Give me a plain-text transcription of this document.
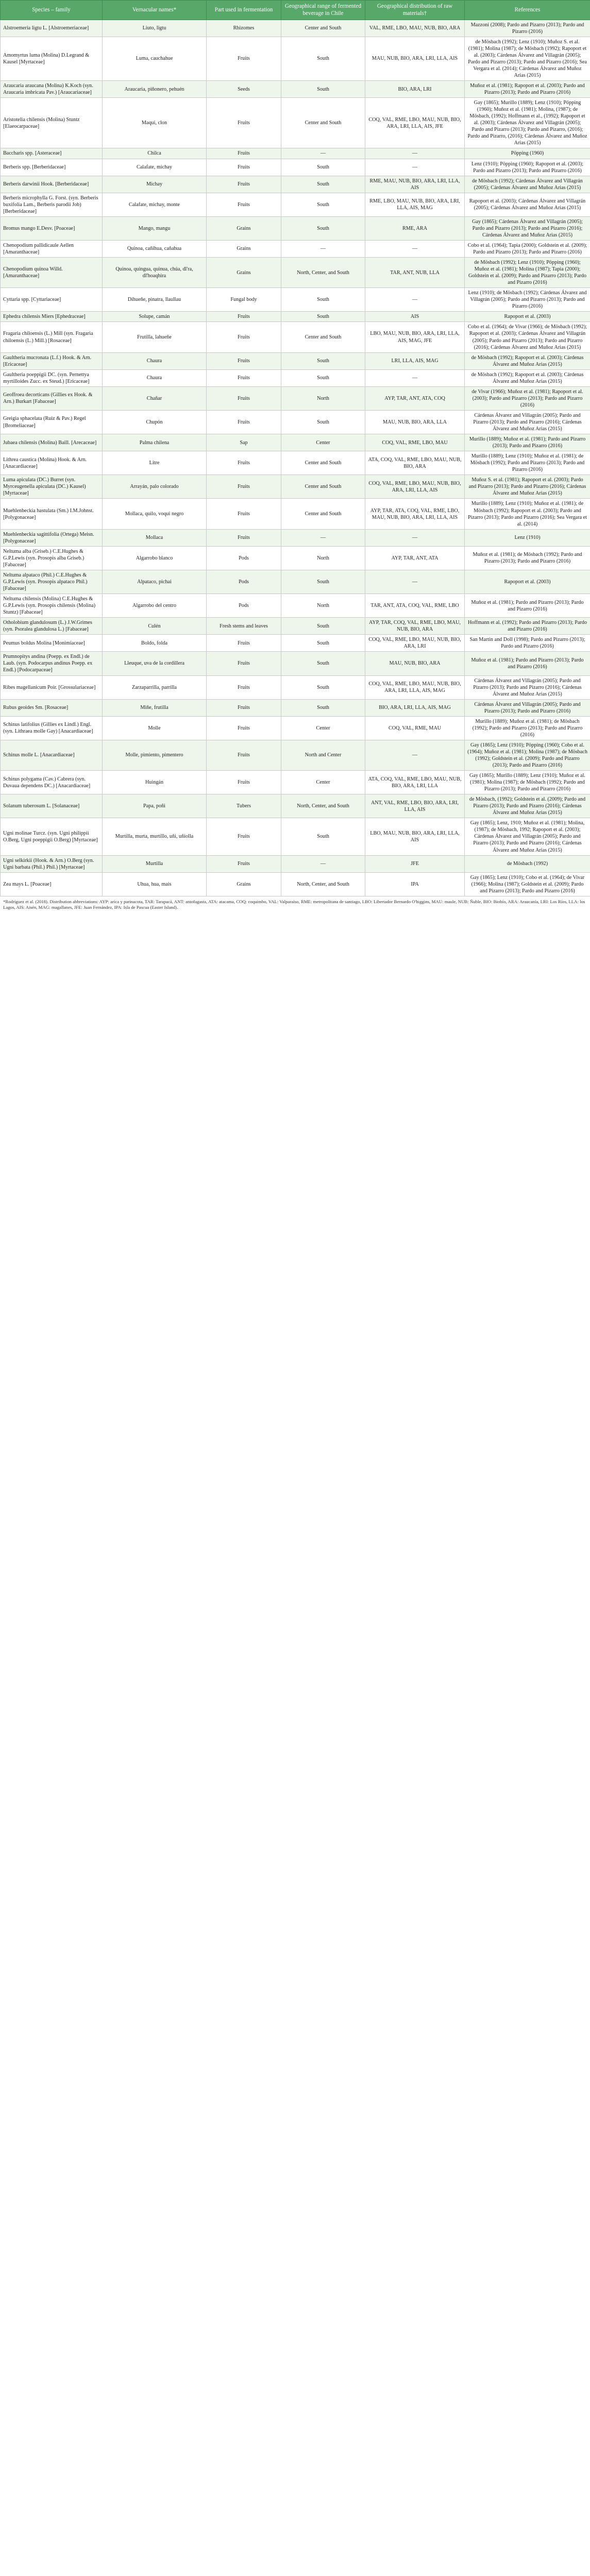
Species – family	Vernacular names*	Part used in fermentation	Geographical range of fermented beverage in Chile	Geographical distribution of raw materials†	References
Alstroemeria ligtu L. [Alstroemeriaceae]	Liuto, ligtu	Rhizomes	Center and South	VAL, RME, LBO, MAU, NUB, BIO, ARA	Mazzoni (2008); Pardo and Pizarro (2013); Pardo and Pizarro (2016)
Amomyrtus luma (Molina) D.Legrand & Kausel [Myrtaceae]	Luma, cauchahue	Fruits	South	MAU, NUB, BIO, ARA, LRI, LLA, AIS	de Mösbach (1992); Lenz (1910); Muñoz S. et al. (1981); Molina (1987); de Mösbach (1992); Rapoport et al. (2003); Cárdenas Álvarez and Villagrán (2005); Pardo and Pizarro (2013); Pardo and Pizarro (2016); Sea Vergara et al. (2014); Cárdenas Álvarez and Muñoz Arias (2015)
Araucaria araucana (Molina) K.Koch (syn. Araucaria imbricata Pav.) [Araucariaceae]	Araucaria, piñonero, pehuén	Seeds	South	BIO, ARA, LRI	Muñoz et al. (1981); Rapoport et al. (2003); Pardo and Pizarro (2013); Pardo and Pizarro (2016)
Aristotelia chilensis (Molina) Stuntz [Elaeocarpaceae]	Maqui, clon	Fruits	Center and South	COQ, VAL, RME, LBO, MAU, NUB, BIO, ARA, LRI, LLA, AIS, JFE	Gay (1865); Murillo (1889); Lenz (1910); Pöpping (1960); Muñoz et al. (1981); Molina, (1987); de Mösbach, (1992); Hoffmann et al., (1992); Rapoport et al. (2003); Cárdenas Álvarez and Villagrán (2005); Pardo and Pizarro (2013); Pardo and Pizarro, (2016); Pardo and Pizarro, (2016); Cárdenas Álvarez and Muñoz Arias (2015)
Baccharis spp. [Asteraceae]	Chilca	Fruits	—	—	Pöpping (1960)
Berberis spp. [Berberidaceae]	Calafate, michay	Fruits	South	—	Lenz (1910); Pöpping (1960); Rapoport et al. (2003); Pardo and Pizarro (2013); Pardo and Pizarro (2016)
Berberis darwinii Hook. [Berberidaceae]	Michay	Fruits	South	RME, MAU, NUB, BIO, ARA, LRI, LLA, AIS	de Mösbach (1992); Cárdenas Álvarez and Villagrán (2005); Cárdenas Álvarez and Muñoz Arias (2015)
Berberis microphylla G. Forst. (syn. Berberis buxifolia Lam., Berberis parodii Job) [Berberidaceae]	Calafate, michay, monte	Fruits	South	RME, LBO, MAU, NUB, BIO, ARA, LRI, LLA, AIS, MAG	Rapoport et al. (2003); Cárdenas Álvarez and Villagrán (2005); Cárdenas Álvarez and Muñoz Arias (2015)
Bromus mango E.Desv. [Poaceae]	Mango, mangu	Grains	South	RME, ARA	Gay (1865); Cárdenas Álvarez and Villagrán (2005); Pardo and Pizarro (2013); Pardo and Pizarro (2016); Cárdenas Álvarez and Muñoz Arias (2015)
Chenopodium pallidicaule Aellen [Amaranthaceae]	Quinoa, cañihua, cañahua	Grains	—	—	Cobo et al. (1964); Tapia (2000); Goldstein et al. (2009); Pardo and Pizarro (2013); Pardo and Pizarro (2016)
Chenopodium quinoa Willd. [Amaranthaceae]	Quinoa, quingua, quinua, chúa, dl'ra, dl'hoaqhira	Grains	North, Center, and South	TAR, ANT, NUB, LLA	de Mösbach (1992); Lenz (1910); Pöpping (1960); Muñoz et al. (1981); Molina (1987); Tapia (2000); Goldstein et al. (2009); Pardo and Pizarro (2013); Pardo and Pizarro (2016)
Cyttaria spp. [Cyttariaceae]	Dihueñe, pinatra, llaullau	Fungal body	South	—	Lenz (1910); de Mösbach (1992); Cárdenas Álvarez and Villagrán (2005); Pardo and Pizarro (2013); Pardo and Pizarro (2016)
Ephedra chilensis Miers [Ephedraceae]	Solupe, camán	Fruits	South	AIS	Rapoport et al. (2003)
Fragaria chiloensis (L.) Mill (syn. Fragaria chiloensis (L.) Mill.) [Rosaceae]	Frutilla, lahueñe	Fruits	Center and South	LBO, MAU, NUB, BIO, ARA, LRI, LLA, AIS, MAG, JFE	Cobo et al. (1964); de Vivar (1966); de Mösbach (1992); Rapoport et al. (2003); Cárdenas Álvarez and Villagrán (2005); Pardo and Pizarro (2013); Pardo and Pizarro (2016); Cárdenas Álvarez and Muñoz Arias (2015)
Gaultheria mucronata (L.f.) Hook. & Arn. [Ericaceae]	Chaura	Fruits	South	LRI, LLA, AIS, MAG	de Mösbach (1992); Rapoport et al. (2003); Cárdenas Álvarez and Muñoz Arias (2015)
Gaultheria poeppigii DC. (syn. Pernettya myrtilloides Zucc. ex Steud.) [Ericaceae]	Chaura	Fruits	South	—	de Mösbach (1992); Rapoport et al. (2003); Cárdenas Álvarez and Muñoz Arias (2015)
Geoffroea decorticans (Gillies ex Hook. & Arn.) Burkart [Fabaceae]	Chañar	Fruits	North	AYP, TAR, ANT, ATA, COQ	de Vivar (1966); Muñoz et al. (1981); Rapoport et al. (2003); Pardo and Pizarro (2013); Pardo and Pizarro (2016)
Greigia sphacelata (Ruiz & Pav.) Regel [Bromeliaceae]	Chupón	Fruits	South	MAU, NUB, BIO, ARA, LLA	Cárdenas Álvarez and Villagrán (2005); Pardo and Pizarro (2013); Pardo and Pizarro (2016); Cárdenas Álvarez and Muñoz Arias (2015)
Jubaea chilensis (Molina) Baill. [Arecaceae]	Palma chilena	Sap	Center	COQ, VAL, RME, LBO, MAU	Murillo (1889); Muñoz et al. (1981); Pardo and Pizarro (2013); Pardo and Pizarro (2016)
Lithrea caustica (Molina) Hook. & Arn. [Anacardiaceae]	Litre	Fruits	Center and South	ATA, COQ, VAL, RME, LBO, MAU, NUB, BIO, ARA	Murillo (1889); Lenz (1910); Muñoz et al. (1981); de Mösbach (1992); Pardo and Pizarro (2013); Pardo and Pizarro (2016)
Luma apiculata (DC.) Burret (syn. Myrceugenella apiculata (DC.) Kausel) [Myrtaceae]	Arrayán, palo colorado	Fruits	Center and South	COQ, VAL, RME, LBO, MAU, NUB, BIO, ARA, LRI, LLA, AIS	Muñoz S. et al. (1981); Rapoport et al. (2003); Pardo and Pizarro (2013); Pardo and Pizarro (2016); Cárdenas Álvarez and Muñoz Arias (2015)
Muehlenbeckia hastulata (Sm.) I.M.Johnst. [Polygonaceae]	Mollaca, quilo, voqui negro	Fruits	Center and South	AYP, TAR, ATA, COQ, VAL, RME, LBO, MAU, NUB, BIO, ARA, LRI, LLA, AIS	Murillo (1889); Lenz (1910); Muñoz et al. (1981); de Mösbach (1992); Rapoport et al. (2003); Pardo and Pizarro (2013); Pardo and Pizarro (2016); Sea Vergara et al. (2014)
Muehlenbeckia sagittifolia (Ortega) Meisn. [Polygonaceae]	Mollaca	Fruits	—	—	Lenz (1910)
Neltuma alba (Griseb.) C.E.Hughes & G.P.Lewis (syn. Prosopis alba Griseb.) [Fabaceae]	Algarrobo blanco	Pods	North	AYP, TAR, ANT, ATA	Muñoz et al. (1981); de Mösbach (1992); Pardo and Pizarro (2013); Pardo and Pizarro (2016)
Neltuma alpataco (Phil.) C.E.Hughes & G.P.Lewis (syn. Prosopis alpataco Phil.) [Fabaceae]	Alpataco, pichai	Pods	South	—	Rapoport et al. (2003)
Neltuma chilensis (Molina) C.E.Hughes & G.P.Lewis (syn. Prosopis chilensis (Molina) Stuntz) [Fabaceae]	Algarrobo del centro	Pods	North	TAR, ANT, ATA, COQ, VAL, RME, LBO	Muñoz et al. (1981); Pardo and Pizarro (2013); Pardo and Pizarro (2016)
Otholobium glandulosum (L.) J.W.Grimes (syn. Psoralea glandulosa L.) [Fabaceae]	Culén	Fresh stems and leaves	South	AYP, TAR, COQ, VAL, RME, LBO, MAU, NUB, BIO, ARA	Hoffmann et al. (1992); Pardo and Pizarro (2013); Pardo and Pizarro (2016)
Peumus boldus Molina [Monimiaceae]	Boldo, folda	Fruits	South	COQ, VAL, RME, LBO, MAU, NUB, BIO, ARA, LRI	San Martin and Doll (1998); Pardo and Pizarro (2013); Pardo and Pizarro (2016)
Prumnopitys andina (Poepp. ex Endl.) de Laub. (syn. Podocarpus andinus Poepp. ex Endl.) [Podocarpaceae]	Lleuque, uva de la cordillera	Fruits	South	MAU, NUB, BIO, ARA	Muñoz et al. (1981); Pardo and Pizarro (2013); Pardo and Pizarro (2016)
Ribes magellanicum Poir. [Grossulariaceae]	Zarzaparrilla, parrilla	Fruits	South	COQ, VAL, RME, LBO, MAU, NUB, BIO, ARA, LRI, LLA, AIS, MAG	Cárdenas Álvarez and Villagrán (2005); Pardo and Pizarro (2013); Pardo and Pizarro (2016); Cárdenas Álvarez and Muñoz Arias (2015)
Rubus geoides Sm. [Rosaceae]	Miñe, frutilla	Fruits	South	BIO, ARA, LRI, LLA, AIS, MAG	Cárdenas Álvarez and Villagrán (2005); Pardo and Pizarro (2013); Pardo and Pizarro (2016)
Schinus latifolius (Gillies ex Lindl.) Engl. (syn. Lithraea molle Gay) [Anacardiaceae]	Molle	Fruits	Center	COQ, VAL, RME, MAU	Murillo (1889); Muñoz et al. (1981); de Mösbach (1992); Pardo and Pizarro (2013); Pardo and Pizarro (2016)
Schinus molle L. [Anacardiaceae]	Molle, pimiento, pimentero	Fruits	North and Center	—	Gay (1865); Lenz (1910); Pöpping (1960); Cobo et al. (1964); Muñoz et al. (1981); Molina (1987); de Mösbach (1992); Goldstein et al. (2009); Pardo and Pizarro (2013); Pardo and Pizarro (2016)
Schinus polygama (Cav.) Cabrera (syn. Duvaua dependens DC.) [Anacardiaceae]	Huingán	Fruits	Center	ATA, COQ, VAL, RME, LBO, MAU, NUB, BIO, ARA, LRI, LLA	Gay (1865); Murillo (1889); Lenz (1910); Muñoz et al. (1981); Molina (1987); de Mösbach (1992); Pardo and Pizarro (2013); Pardo and Pizarro (2016)
Solanum tuberosum L. [Solanaceae]	Papa, poñi	Tubers	North, Center, and South	ANT, VAL, RME, LBO, BIO, ARA, LRI, LLA, AIS	de Mösbach, (1992); Goldstein et al. (2009); Pardo and Pizarro (2013); Pardo and Pizarro (2016); Cárdenas Álvarez and Muñoz Arias (2015)
Ugni molinae Turcz. (syn. Ugni philippii O.Berg, Ugni poeppigii O.Berg) [Myrtaceae]	Murtilla, murta, murtillo, uñi, uñiolla	Fruits	South	LBO, MAU, NUB, BIO, ARA, LRI, LLA, AIS	Gay (1865); Lenz, 1910; Muñoz et al. (1981); Molina, (1987); de Mösbach, 1992; Rapoport et al. (2003); Cárdenas Álvarez and Villagrán (2005); Pardo and Pizarro (2013); Pardo and Pizarro (2016); Cárdenas Álvarez and Muñoz Arias (2015)
Ugni selkirkii (Hook. & Arn.) O.Berg (syn. Ugni barbata (Phil.) Phil.) [Myrtaceae]	Murtilla	Fruits	—	JFE	de Mösbach (1992)
Zea mays L. [Poaceae]	Uhua, hua, mais	Grains	North, Center, and South	IPA	Gay (1865); Lenz (1910); Cobo et al. (1964); de Vivar (1966); Molina (1987); Goldstein et al. (2009); Pardo and Pizarro (2013); Pardo and Pizarro (2016)
*Rodríguez et al. (2018). Distribution abbreviations: AYP: arica y parinacota, TAR: Tarapacá, ANT: antofagasta, ATA: atacama, COQ: coquimbo, VAL: Valparaíso, RME: metropolitana de santiago, LBO: Libertador Bernardo O'higgins, MAU: maule, NUB: Ñuble, BIO: Biobío, ARA: Araucanía, LRI: Los Ríos, LLA: los Lagos, AIS: Aisén, MAG: magallanes, JFE: Juan Fernández, IPA: Isla de Pascua (Easter Island).
